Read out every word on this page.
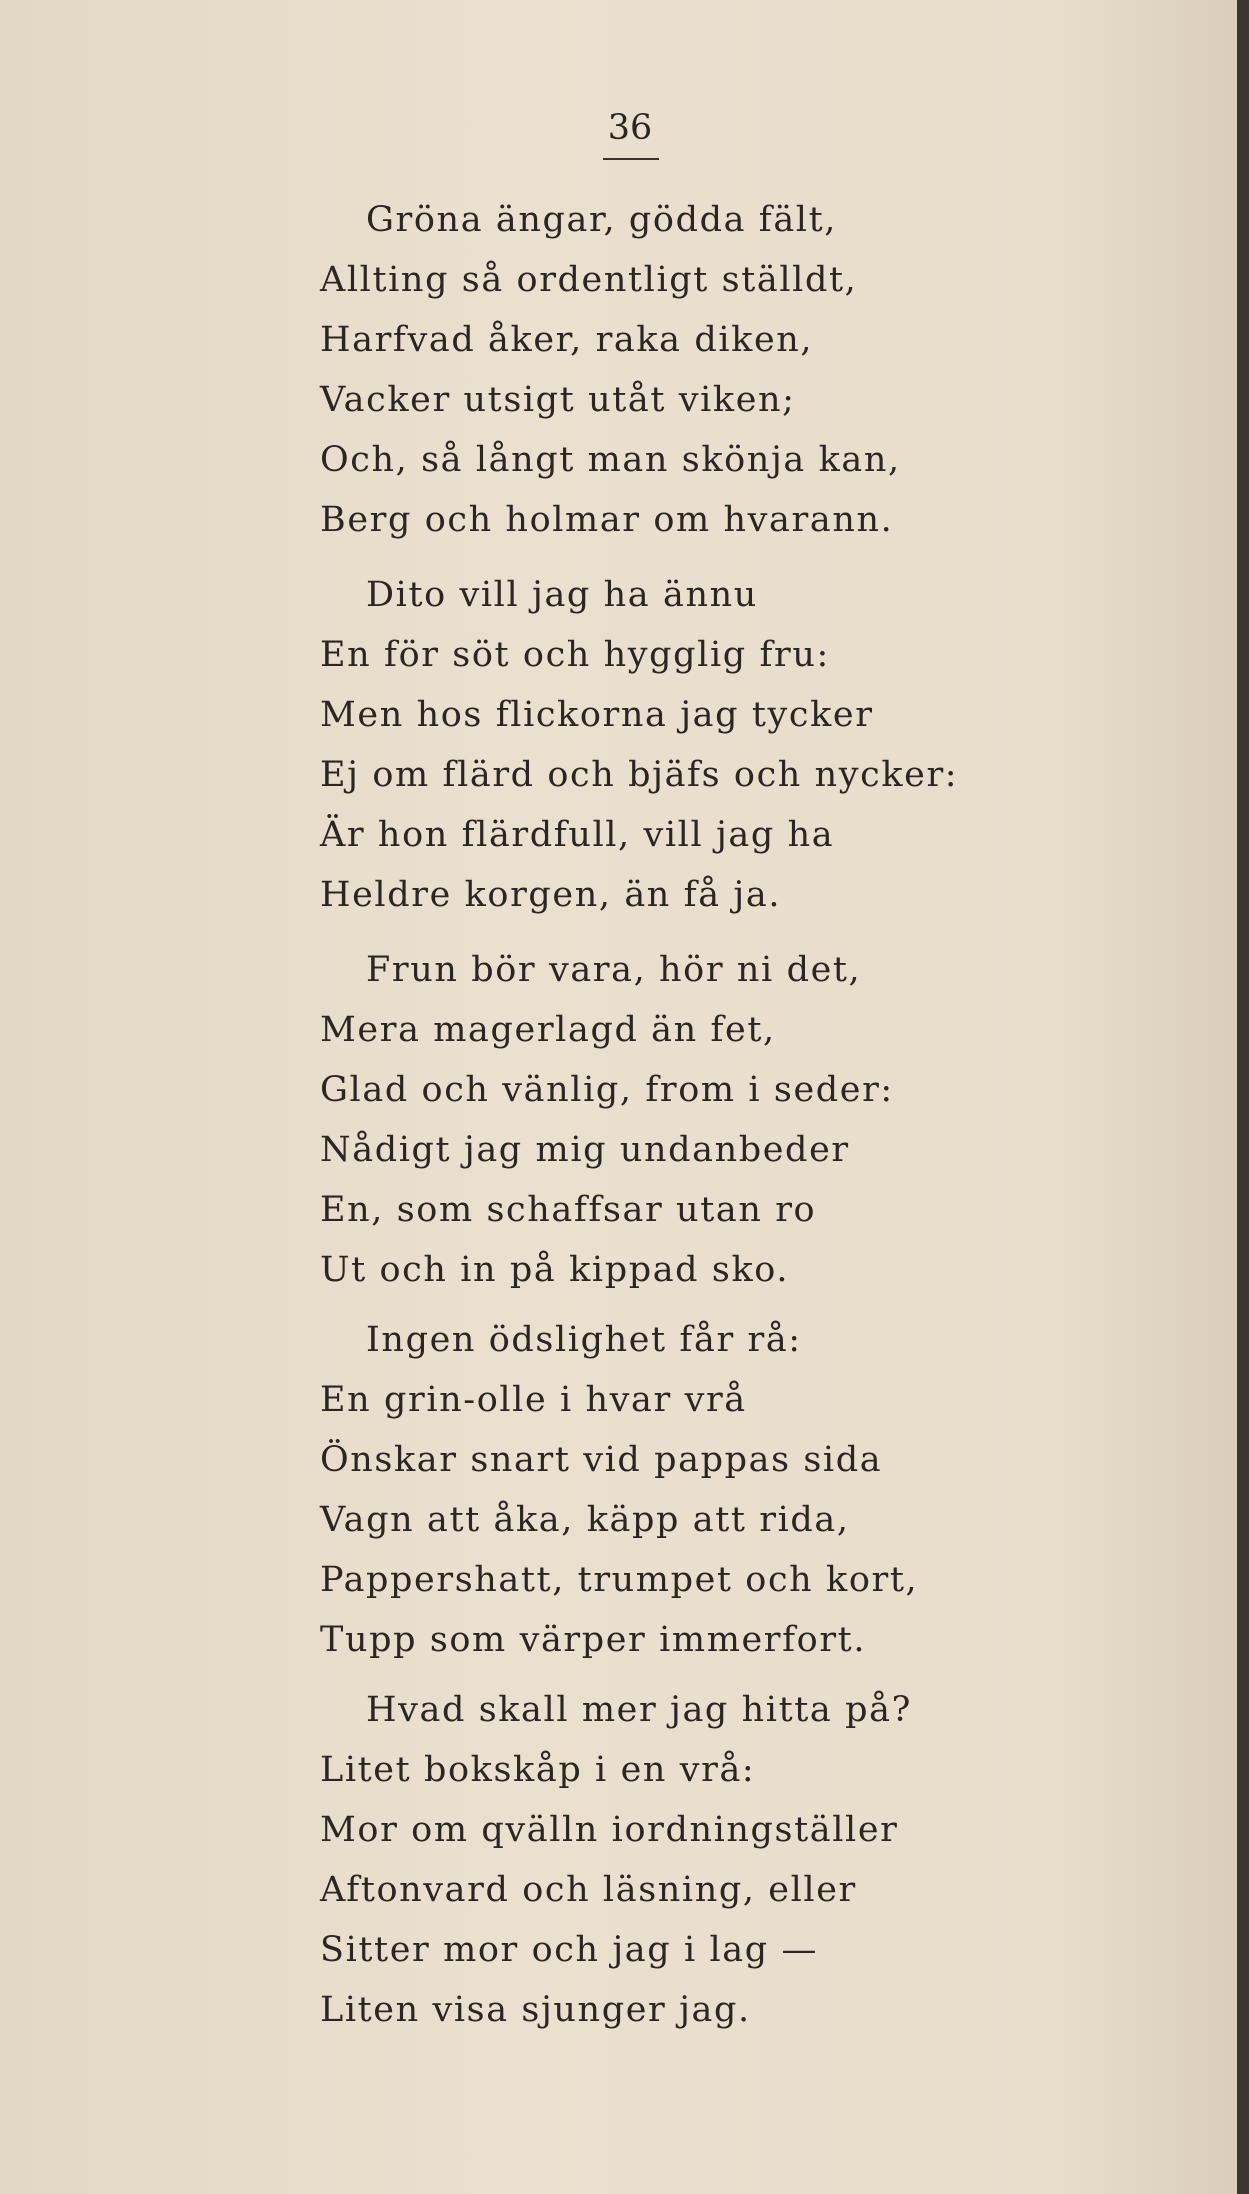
36
Gröna ängar, gödda fält,
Allting så ordentligt ställdt,
Harfvad åker, raka diken,
Vacker utsigt utåt viken;
Och, så långt man skönja kan,
Berg och holmar om hvarann.
Dito vill jag ha ännu
En för söt och hygglig fru:
Men hos flickorna jag tycker
Ej om flärd och bjäfs och nycker:
Är hon flärdfull, vill jag ha
Heldre korgen, än få ja.
Frun bör vara, hör ni det,
Mera magerlagd än fet,
Glad och vänlig, from i seder:
Nådigt jag mig undanbeder
En, som schaffsar utan ro
Ut och in på kippad sko.
Ingen ödslighet får rå:
En grin-olle i hvar vrå
Önskar snart vid pappas sida
Vagn att åka, käpp att rida,
Pappershatt, trumpet och kort,
Tupp som värper immerfort.
Hvad skall mer jag hitta på?
Litet bokskåp i en vrå:
Mor om qvälln iordningställer
Aftonvard och läsning, eller
Sitter mor och jag i lag —
Liten visa sjunger jag.
